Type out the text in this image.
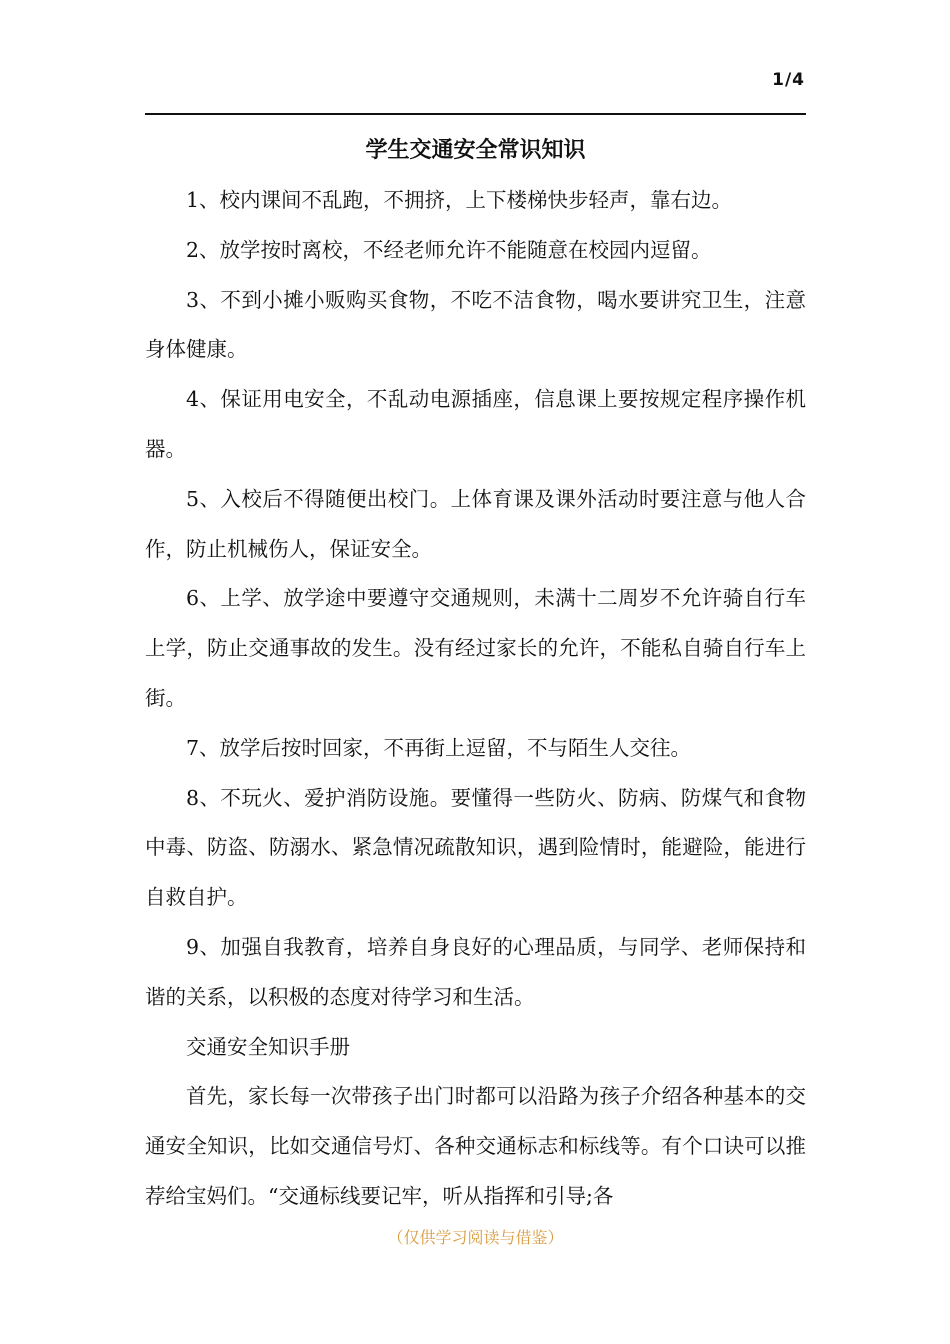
1/4
学生交通安全常识知识

1、校内课间不乱跑，不拥挤，上下楼梯快步轻声，靠右边。

2、放学按时离校，不经老师允许不能随意在校园内逗留。

3、不到小摊小贩购买食物，不吃不洁食物，喝水要讲究卫生，注意身体健康。

4、保证用电安全，不乱动电源插座，信息课上要按规定程序操作机器。

5、入校后不得随便出校门。上体育课及课外活动时要注意与他人合作，防止机械伤人，保证安全。

6、上学、放学途中要遵守交通规则，未满十二周岁不允许骑自行车上学，防止交通事故的发生。没有经过家长的允许，不能私自骑自行车上街。

7、放学后按时回家，不再街上逗留，不与陌生人交往。

8、不玩火、爱护消防设施。要懂得一些防火、防病、防煤气和食物中毒、防盗、防溺水、紧急情况疏散知识，遇到险情时，能避险，能进行自救自护。

9、加强自我教育，培养自身良好的心理品质，与同学、老师保持和谐的关系，以积极的态度对待学习和生活。

交通安全知识手册

首先，家长每一次带孩子出门时都可以沿路为孩子介绍各种基本的交通安全知识，比如交通信号灯、各种交通标志和标线等。有个口诀可以推荐给宝妈们。“交通标线要记牢，听从指挥和引导;各

（仅供学习阅读与借鉴）
